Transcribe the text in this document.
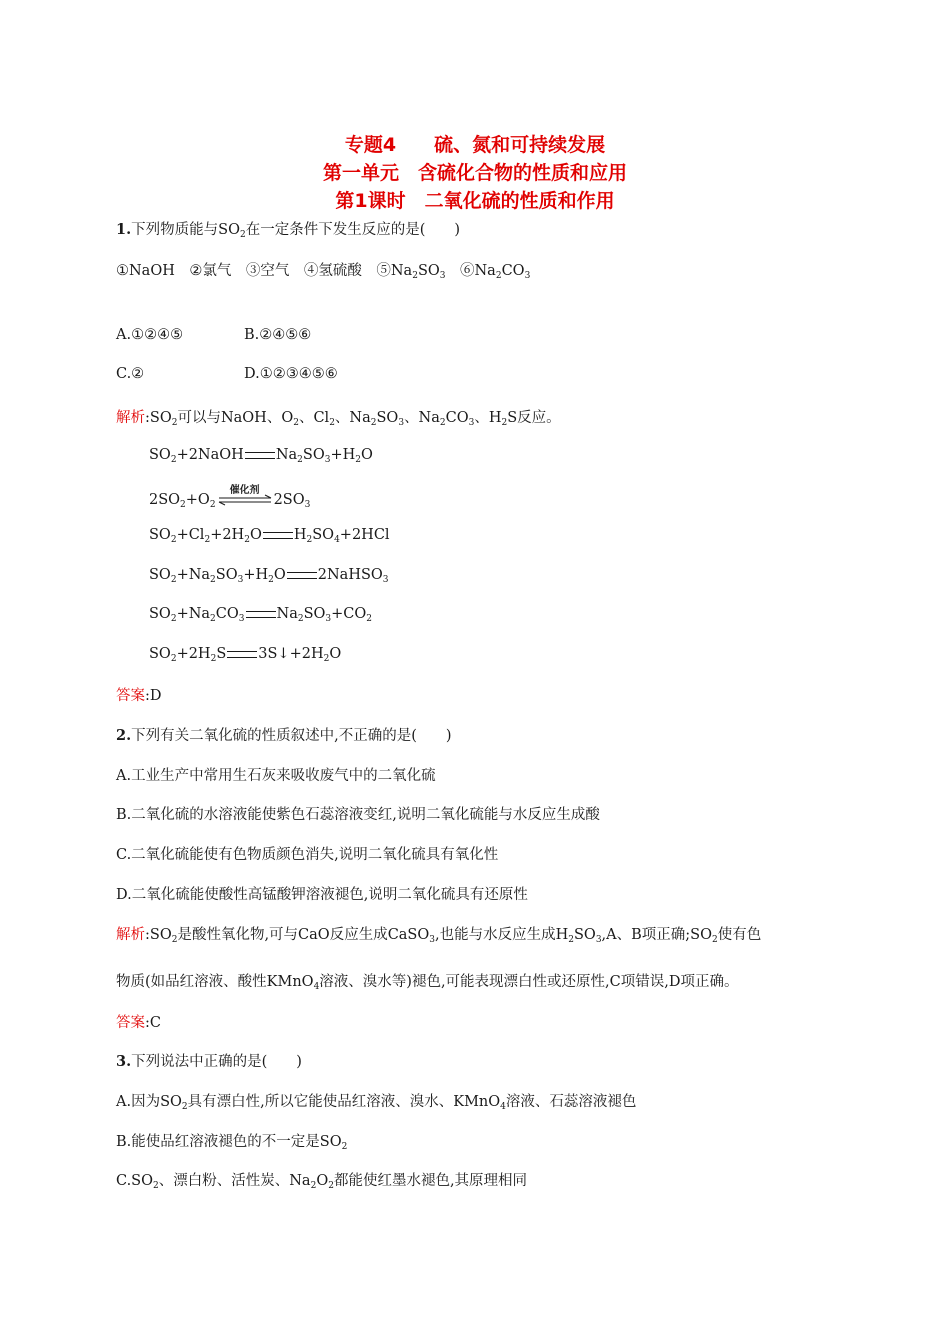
专题4　　硫、氮和可持续发展
第一单元　含硫化合物的性质和应用
第1课时　二氧化硫的性质和作用
1.下列物质能与$SO_2$在一定条件下发生反应的是(　　)
①NaOH　②氯气　③空气　④氢硫酸　$⑤Na_2SO_3$　$⑥Na_2CO_3$
A.①②④⑤	B.②④⑤⑥
C.②	D.①②③④⑤⑥
解析$:SO_2$可以与NaOH、$O_2$、$Cl_2$、$Na_2SO_3$、$Na_2CO_3$、$H_2S$反应。
$SO_2+2NaOH$ $Na_2SO_3+H_2O$
$2SO_2+O_2$
催化剂
$2SO_3$
$SO_2+Cl_2+2H_2O$ $H_2SO_4+2HCl$
$SO_2+Na_2SO_3+H_2O$ 2NaHSO$_3$
$SO_2+Na_2CO_3$ $Na_2SO_3+CO_2$
$SO_2+2H_2S$ $3S↓+2H_2O$
答案:D
2.下列有关二氧化硫的性质叙述中,不正确的是(　　)
A.工业生产中常用生石灰来吸收废气中的二氧化硫
B.二氧化硫的水溶液能使紫色石蕊溶液变红,说明二氧化硫能与水反应生成酸
C.二氧化硫能使有色物质颜色消失,说明二氧化硫具有氧化性
D.二氧化硫能使酸性高锰酸钾溶液褪色,说明二氧化硫具有还原性
解析$:SO_2$是酸性氧化物,可与CaO反应生成CaSO$_3$,也能与水反应生成$H_2SO_3,A$、B项正确$;SO_2$使有色
物质(如品红溶液、酸性KMnO$_4$溶液、溴水等)褪色,可能表现漂白性或还原性,C项错误,D项正确。
答案:C
3.下列说法中正确的是(　　)
A.因为$SO_2$具有漂白性,所以它能使品红溶液、溴水、KMnO$_4$溶液、石蕊溶液褪色
B.能使品红溶液褪色的不一定是$SO_2$
$C.SO_2$、漂白粉、活性炭、$Na_2O_2$都能使红墨水褪色,其原理相同
